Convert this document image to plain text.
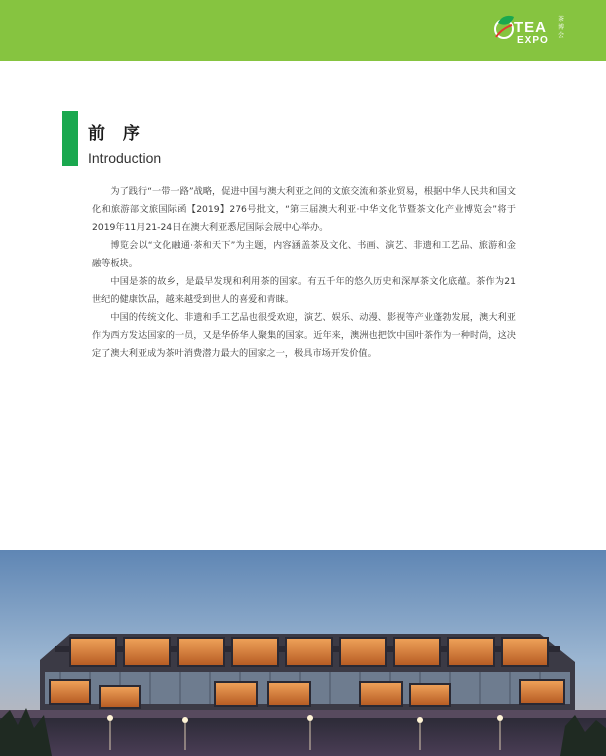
TEA
EXPO
茶博会
前 序
Introduction

为了践行“一带一路”战略，促进中国与澳大利亚之间的文旅交流和茶业贸易，根据中华人民共和国文化和旅游部文旅国际函【2019】276号批文，“第三届澳大利亚·中华文化节暨茶文化产业博览会”将于2019年11月21-24日在澳大利亚悉尼国际会展中心举办。

博览会以“文化融通·茶和天下”为主题，内容涵盖茶及文化、书画、演艺、非遗和工艺品、旅游和金融等板块。

中国是茶的故乡，是最早发现和利用茶的国家。有五千年的悠久历史和深厚茶文化底蕴。茶作为21世纪的健康饮品，越来越受到世人的喜爱和青睐。

中国的传统文化、非遗和手工艺品也很受欢迎，演艺、娱乐、动漫、影视等产业蓬勃发展，澳大利亚作为西方发达国家的一员，又是华侨华人聚集的国家。近年来，澳洲也把饮中国叶茶作为一种时尚，这决定了澳大利亚成为茶叶消费潜力最大的国家之一，极具市场开发价值。
